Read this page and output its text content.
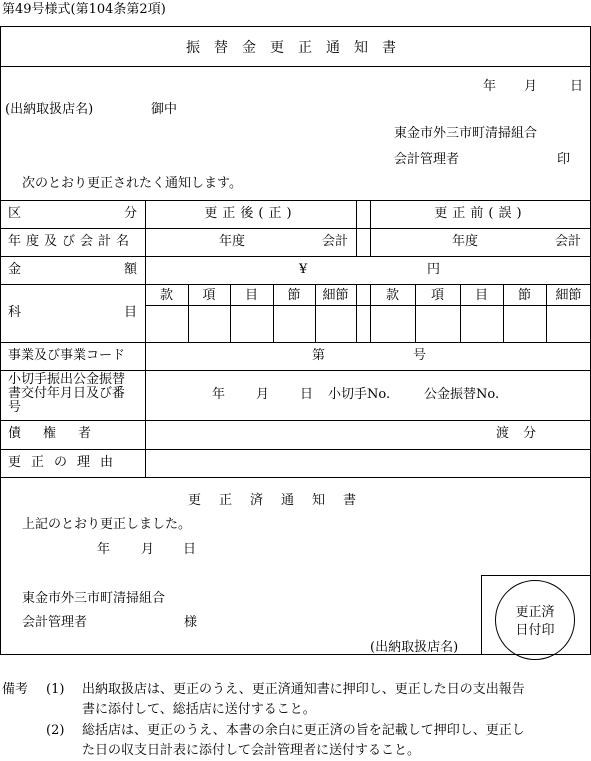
第49号様式(第104条第2項)
振替金更正通知書
年 月	日
(出納取扱店名)	御中
東金市外三市町清掃組合
会計管理者	印
次のとおり更正されたく通知します。
区	分	更正後(正)	更正前(誤)
年度及び会計名	年度	会計	年度	会計
金	額	¥	円
科	目
款	項	目	節	細節	款	項	目	節	細節
事業及び事業コード	第	号
小切手振出公金振替
書交付年月日及び番
号
年 月 日 小切手No.	公金振替No.
債権者	渡分
更正の理由
更正済通知書
上記のとおり更正しました。
年 月 日
東金市外三市町清掃組合
会計管理者	様
(出納取扱店名)
更正済
日付印
備考 (1) 出納取扱店は、更正のうえ、更正済通知書に押印し、更正した日の支出報告
書に添付して、総括店に送付すること。
(2) 総括店は、更正のうえ、本書の余白に更正済の旨を記載して押印し、更正し
た日の収支日計表に添付して会計管理者に送付すること。
